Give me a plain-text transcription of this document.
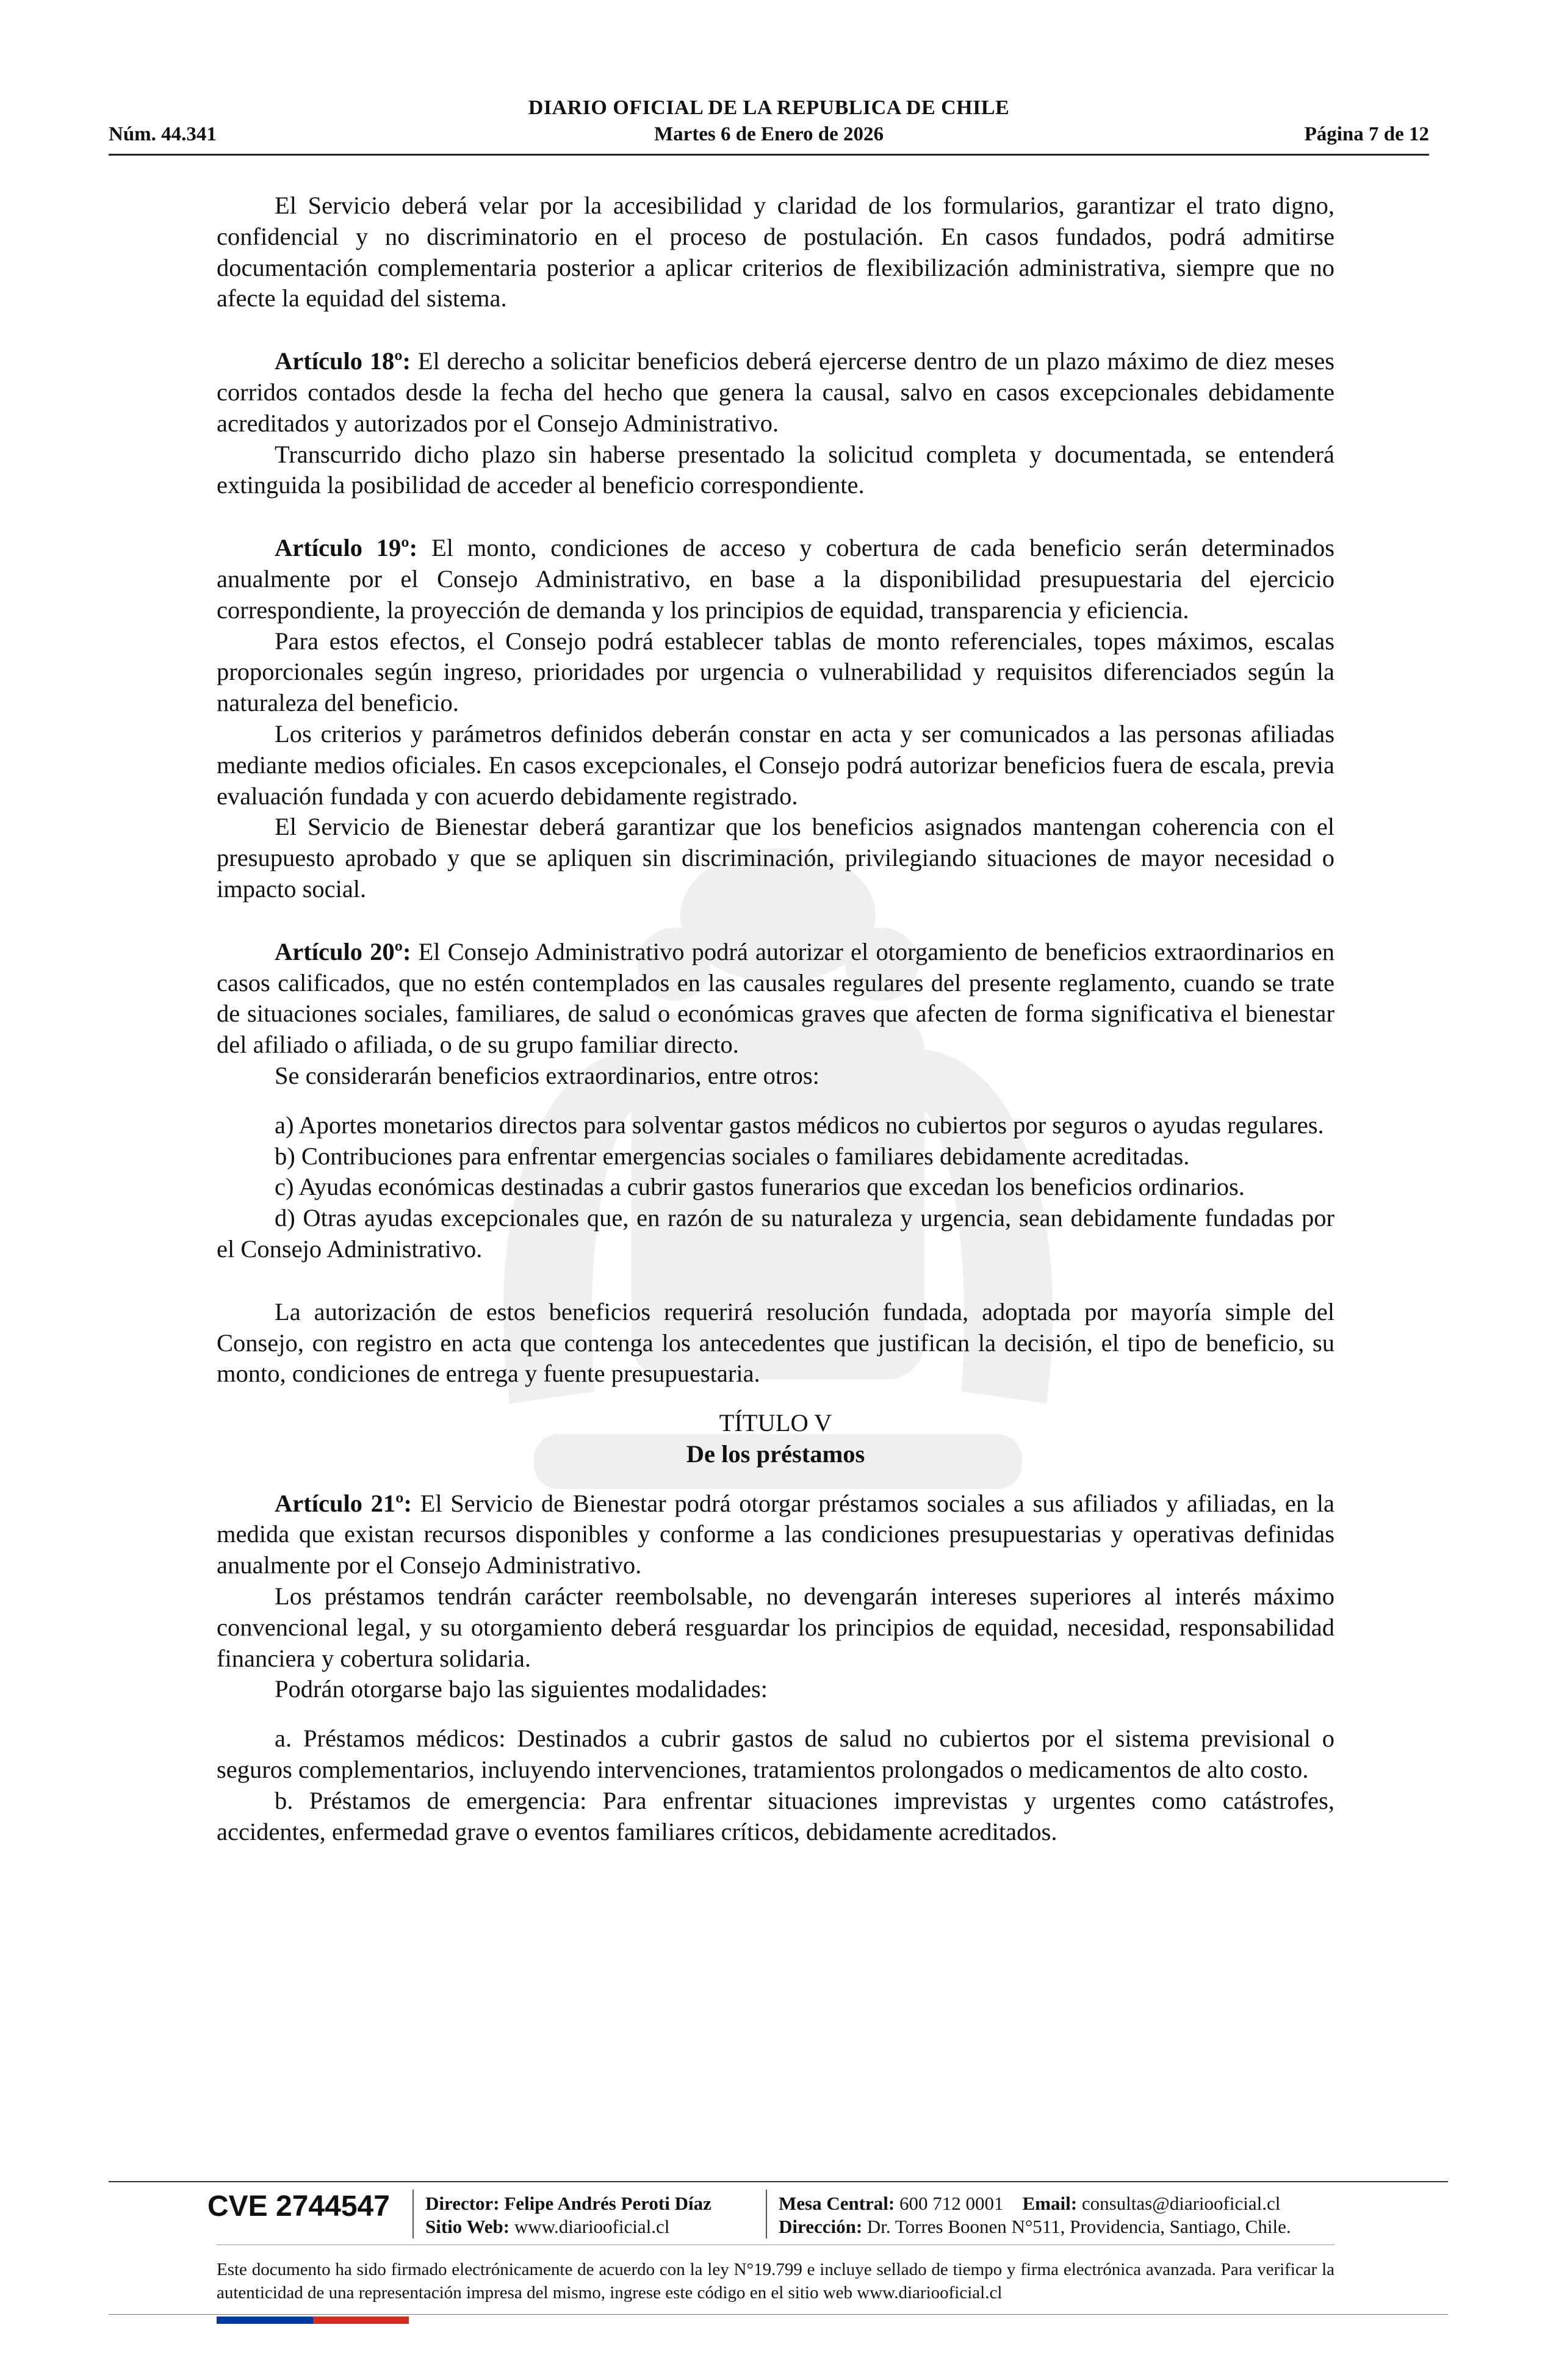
DIARIO OFICIAL DE LA REPUBLICA DE CHILE
Núm. 44.341	Martes 6 de Enero de 2026	Página 7 de 12

El Servicio deberá velar por la accesibilidad y claridad de los formularios, garantizar el trato digno, confidencial y no discriminatorio en el proceso de postulación. En casos fundados, podrá admitirse documentación complementaria posterior a aplicar criterios de flexibilización administrativa, siempre que no afecte la equidad del sistema.

Artículo 18º: El derecho a solicitar beneficios deberá ejercerse dentro de un plazo máximo de diez meses corridos contados desde la fecha del hecho que genera la causal, salvo en casos excepcionales debidamente acreditados y autorizados por el Consejo Administrativo.

Transcurrido dicho plazo sin haberse presentado la solicitud completa y documentada, se entenderá extinguida la posibilidad de acceder al beneficio correspondiente.

Artículo 19º: El monto, condiciones de acceso y cobertura de cada beneficio serán determinados anualmente por el Consejo Administrativo, en base a la disponibilidad presupuestaria del ejercicio correspondiente, la proyección de demanda y los principios de equidad, transparencia y eficiencia.

Para estos efectos, el Consejo podrá establecer tablas de monto referenciales, topes máximos, escalas proporcionales según ingreso, prioridades por urgencia o vulnerabilidad y requisitos diferenciados según la naturaleza del beneficio.

Los criterios y parámetros definidos deberán constar en acta y ser comunicados a las personas afiliadas mediante medios oficiales. En casos excepcionales, el Consejo podrá autorizar beneficios fuera de escala, previa evaluación fundada y con acuerdo debidamente registrado.

El Servicio de Bienestar deberá garantizar que los beneficios asignados mantengan coherencia con el presupuesto aprobado y que se apliquen sin discriminación, privilegiando situaciones de mayor necesidad o impacto social.

Artículo 20º: El Consejo Administrativo podrá autorizar el otorgamiento de beneficios extraordinarios en casos calificados, que no estén contemplados en las causales regulares del presente reglamento, cuando se trate de situaciones sociales, familiares, de salud o económicas graves que afecten de forma significativa el bienestar del afiliado o afiliada, o de su grupo familiar directo.

Se considerarán beneficios extraordinarios, entre otros:

a) Aportes monetarios directos para solventar gastos médicos no cubiertos por seguros o ayudas regulares.

b) Contribuciones para enfrentar emergencias sociales o familiares debidamente acreditadas.

c) Ayudas económicas destinadas a cubrir gastos funerarios que excedan los beneficios ordinarios.

d) Otras ayudas excepcionales que, en razón de su naturaleza y urgencia, sean debidamente fundadas por el Consejo Administrativo.

La autorización de estos beneficios requerirá resolución fundada, adoptada por mayoría simple del Consejo, con registro en acta que contenga los antecedentes que justifican la decisión, el tipo de beneficio, su monto, condiciones de entrega y fuente presupuestaria.

TÍTULO V

De los préstamos

Artículo 21º: El Servicio de Bienestar podrá otorgar préstamos sociales a sus afiliados y afiliadas, en la medida que existan recursos disponibles y conforme a las condiciones presupuestarias y operativas definidas anualmente por el Consejo Administrativo.

Los préstamos tendrán carácter reembolsable, no devengarán intereses superiores al interés máximo convencional legal, y su otorgamiento deberá resguardar los principios de equidad, necesidad, responsabilidad financiera y cobertura solidaria.

Podrán otorgarse bajo las siguientes modalidades:

a. Préstamos médicos: Destinados a cubrir gastos de salud no cubiertos por el sistema previsional o seguros complementarios, incluyendo intervenciones, tratamientos prolongados o medicamentos de alto costo.

b. Préstamos de emergencia: Para enfrentar situaciones imprevistas y urgentes como catástrofes, accidentes, enfermedad grave o eventos familiares críticos, debidamente acreditados.

CVE 2744547 Director: Felipe Andrés Peroti Díaz
Sitio Web: www.diariooficial.cl
Mesa Central: 600 712 0001 Email: consultas@diariooficial.cl
Dirección: Dr. Torres Boonen N°511, Providencia, Santiago, Chile.
Este documento ha sido firmado electrónicamente de acuerdo con la ley N°19.799 e incluye sellado de tiempo y firma electrónica avanzada. Para verificar la autenticidad de una representación impresa del mismo, ingrese este código en el sitio web www.diariooficial.cl
